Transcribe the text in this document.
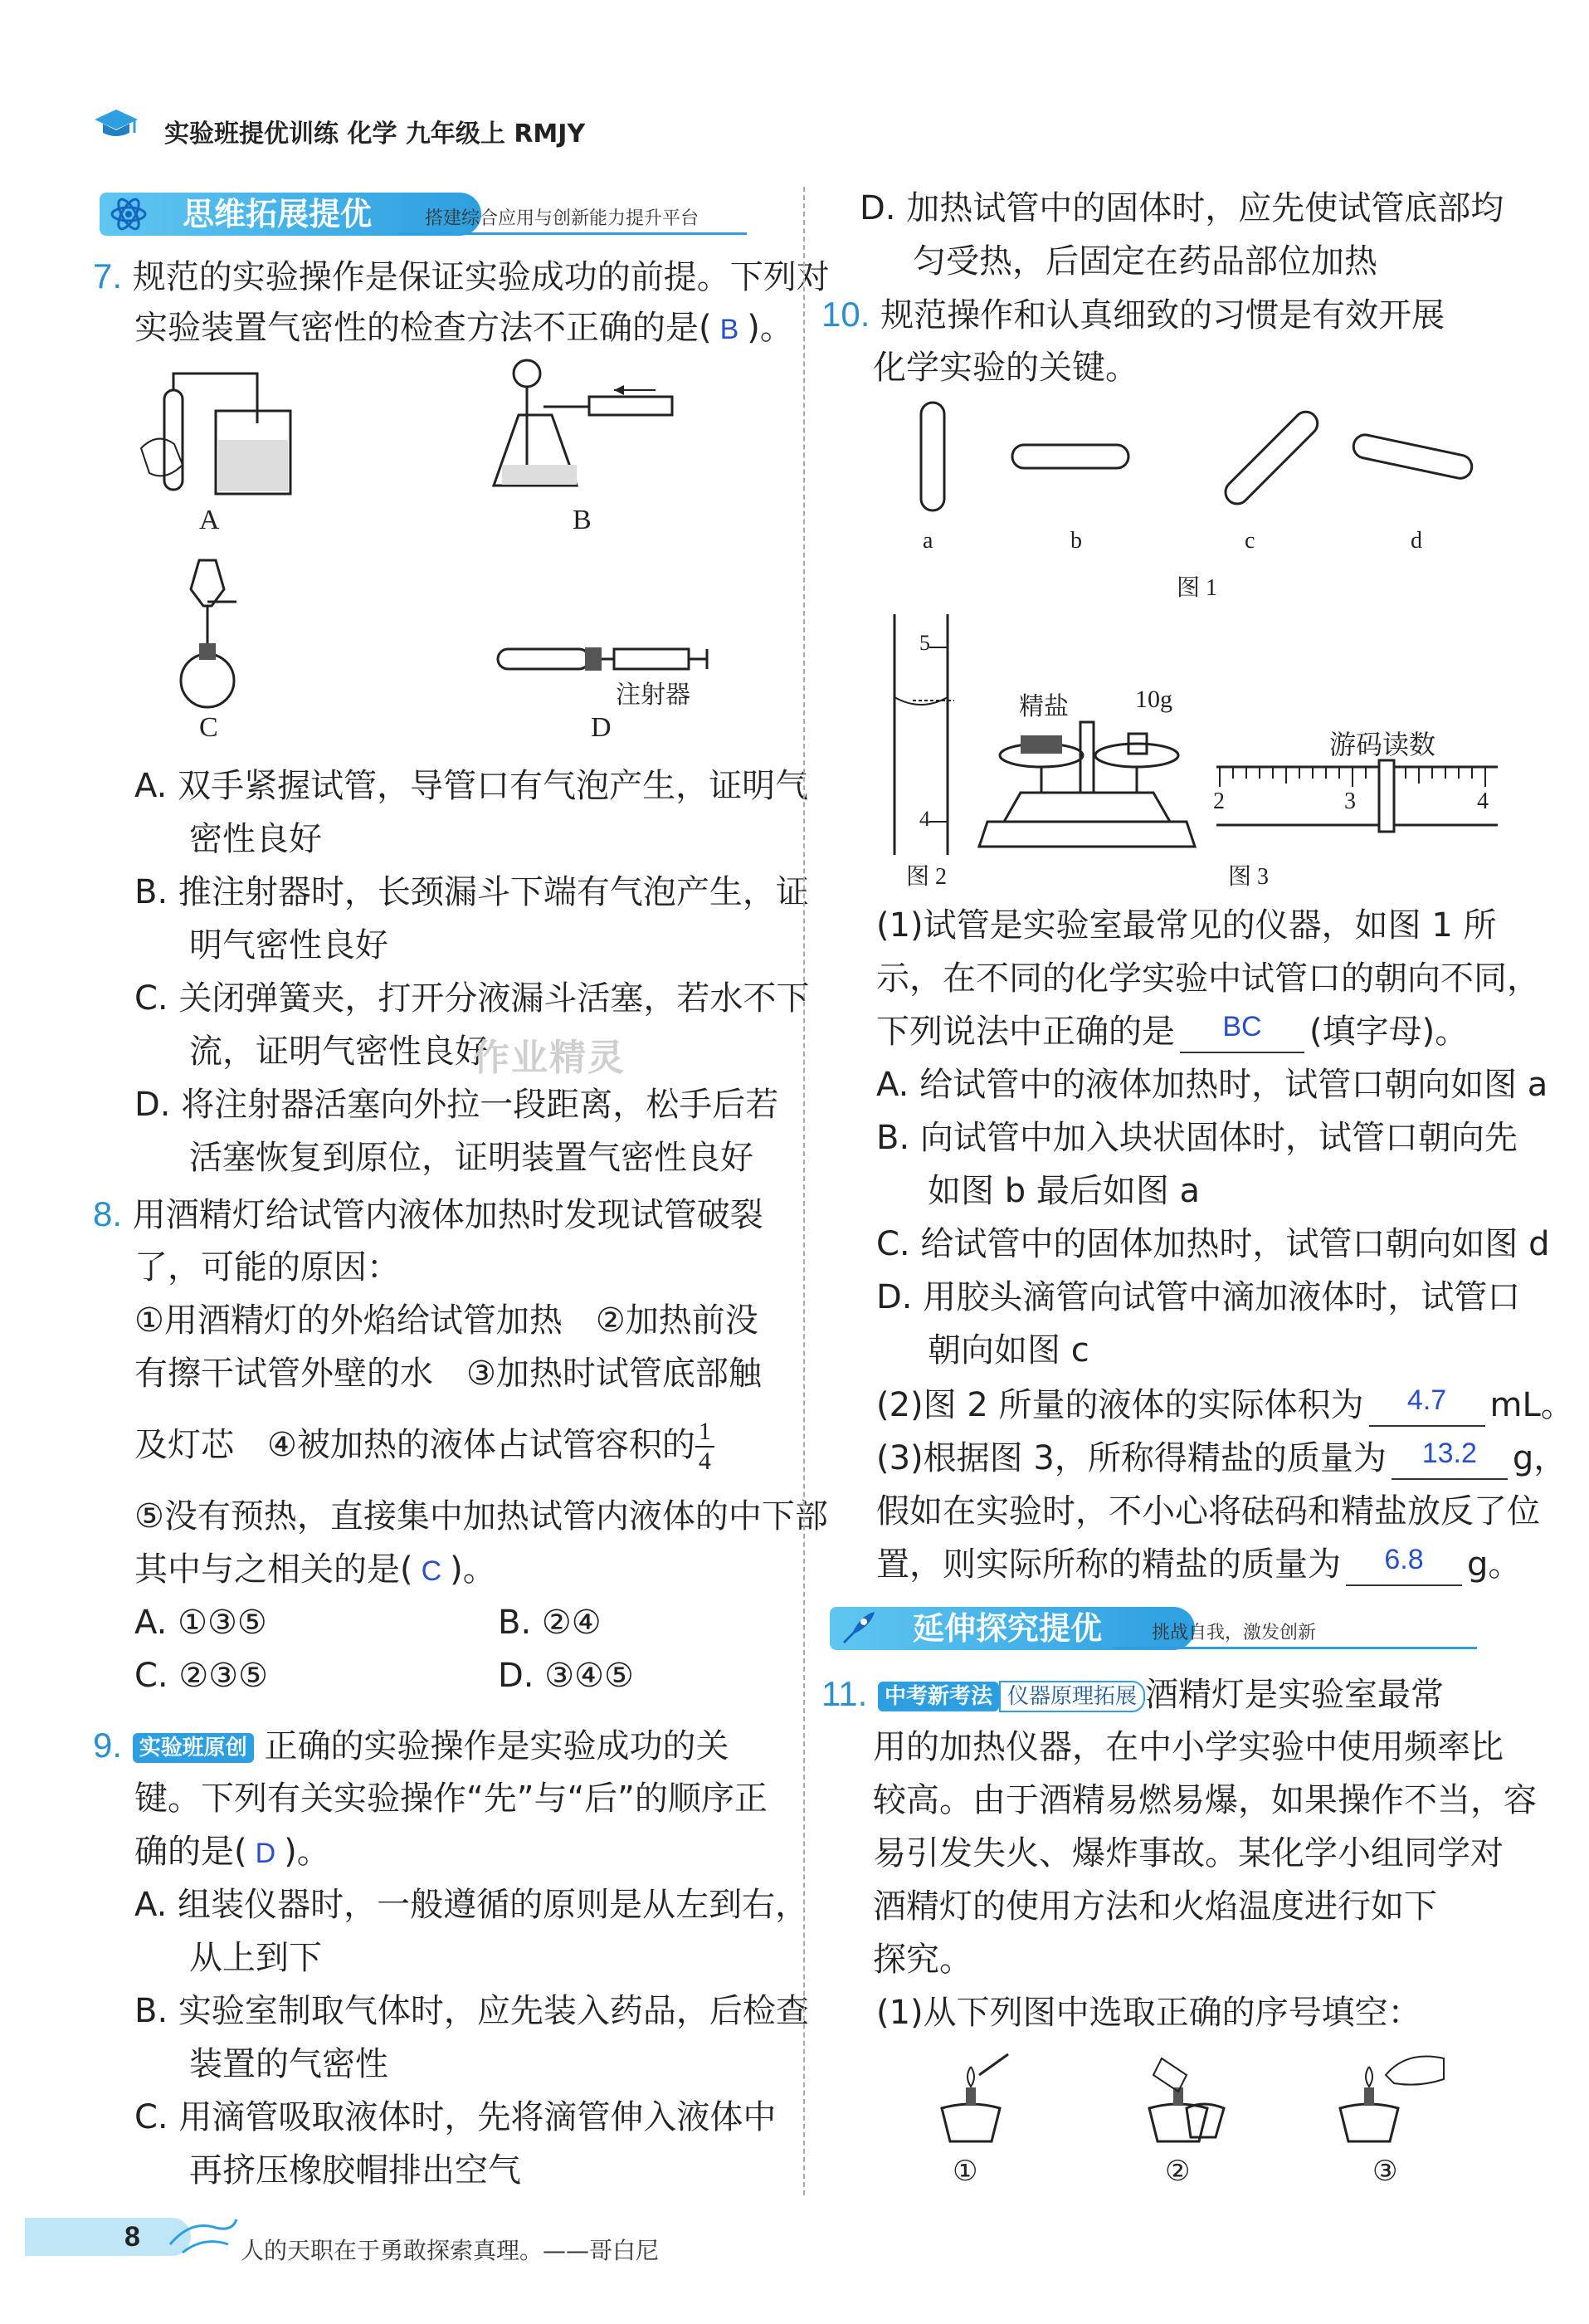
实验班提优训练 化学 九年级上 RMJY
思维拓展提优	搭建综合应用与创新能力提升平台
7. 规范的实验操作是保证实验成功的前提。下列对
实验装置气密性的检查方法不正确的是( B )。
A	B
C
注射器
D
A. 双手紧握试管，导管口有气泡产生，证明气
密性良好
B. 推注射器时，长颈漏斗下端有气泡产生，证
明气密性良好
C. 关闭弹簧夹，打开分液漏斗活塞，若水不下
流，证明气密性良好
作业精灵
D. 将注射器活塞向外拉一段距离，松手后若
活塞恢复到原位，证明装置气密性良好
8. 用酒精灯给试管内液体加热时发现试管破裂
了，可能的原因：
①用酒精灯的外焰给试管加热　②加热前没
有擦干试管外壁的水　③加热时试管底部触
及灯芯　④被加热的液体占试管容积的 $\frac{1}{4}$
⑤没有预热，直接集中加热试管内液体的中下部
其中与之相关的是( C )。
A. ①③⑤	B. ②④
C. ②③⑤	D. ③④⑤
9. 实验班原创 正确的实验操作是实验成功的关
键。下列有关实验操作“先”与“后”的顺序正
确的是( D )。
A. 组装仪器时，一般遵循的原则是从左到右，
从上到下
B. 实验室制取气体时，应先装入药品，后检查
装置的气密性
C. 用滴管吸取液体时，先将滴管伸入液体中
再挤压橡胶帽排出空气
D. 加热试管中的固体时，应先使试管底部均
匀受热，后固定在药品部位加热
10. 规范操作和认真细致的习惯是有效开展
化学实验的关键。
a	b	c	d
图 1
5
4
精盐	10g
游码读数
2	3	4
图 2	图 3
(1)试管是实验室最常见的仪器，如图 1 所
示，在不同的化学实验中试管口的朝向不同，
下列说法中正确的是 $^{BC}$ (填字母)。
A. 给试管中的液体加热时，试管口朝向如图 a
B. 向试管中加入块状固体时，试管口朝向先
如图 b 最后如图 a
C. 给试管中的固体加热时，试管口朝向如图 d
D. 用胶头滴管向试管中滴加液体时，试管口
朝向如图 c
(2)图 2 所量的液体的实际体积为 $^{4.7}$ mL。
(3)根据图 3，所称得精盐的质量为 $^{13.2}$ g，
假如在实验时，不小心将砝码和精盐放反了位
置，则实际所称的精盐的质量为 $^{6.8}$ g。
延伸探究提优	挑战自我，激发创新
11. 中考新考法 仪器原理拓展 酒精灯是实验室最常
用的加热仪器，在中小学实验中使用频率比
较高。由于酒精易燃易爆，如果操作不当，容
易引发失火、爆炸事故。某化学小组同学对
酒精灯的使用方法和火焰温度进行如下
探究。
(1)从下列图中选取正确的序号填空：
①	②	③
8	人的天职在于勇敢探索真理。——哥白尼
